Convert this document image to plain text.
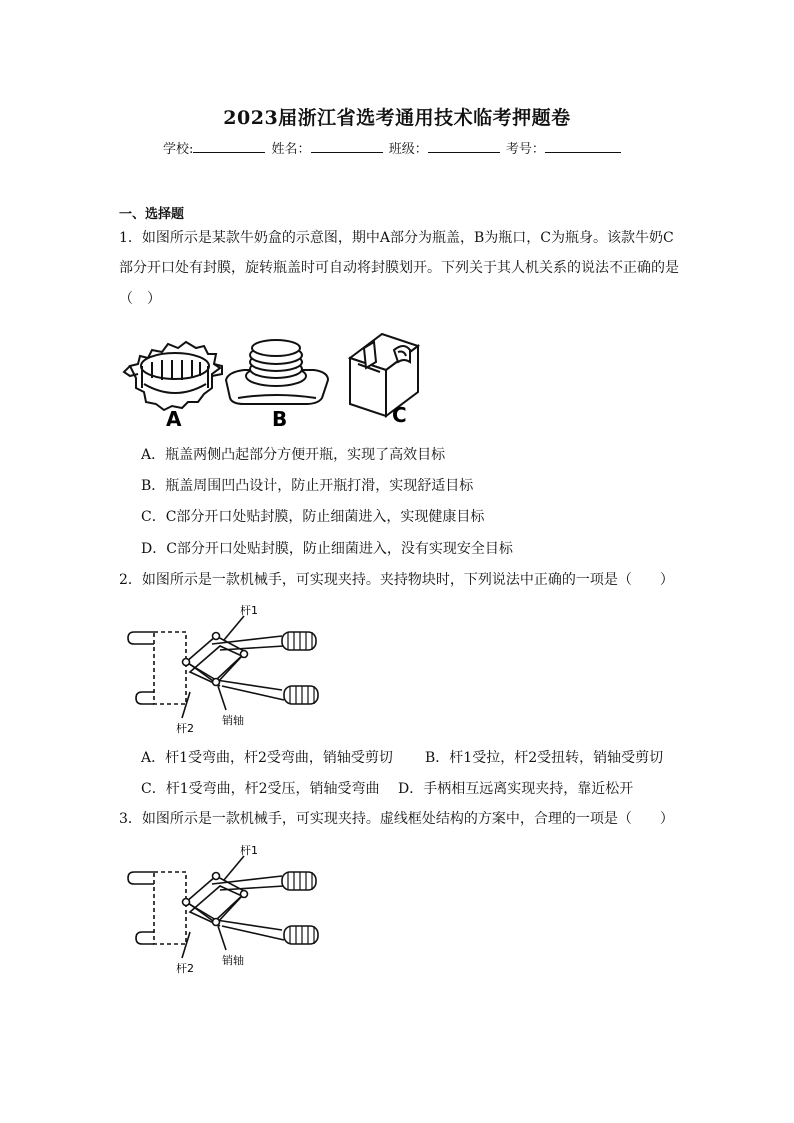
2023届浙江省选考通用技术临考押题卷
学校:	姓名：	班级：	考号：
一、选择题
1．如图所示是某款牛奶盒的示意图，期中A部分为瓶盖，B为瓶口，C为瓶身。该款牛奶C
部分开口处有封膜，旋转瓶盖时可自动将封膜划开。下列关于其人机关系的说法不正确的是
（　）
A	B	C
A．瓶盖两侧凸起部分方便开瓶，实现了高效目标
B．瓶盖周围凹凸设计，防止开瓶打滑，实现舒适目标
C．C部分开口处贴封膜，防止细菌进入，实现健康目标
D．C部分开口处贴封膜，防止细菌进入，没有实现安全目标
2．如图所示是一款机械手，可实现夹持。夹持物块时，下列说法中正确的一项是（　　）
杆1
杆2
销轴
A．杆1受弯曲，杆2受弯曲，销轴受剪切 B．杆1受拉，杆2受扭转，销轴受剪切
C．杆1受弯曲，杆2受压，销轴受弯曲 D．手柄相互远离实现夹持，靠近松开
3．如图所示是一款机械手，可实现夹持。虚线框处结构的方案中，合理的一项是（　　）
杆1
杆2
销轴
